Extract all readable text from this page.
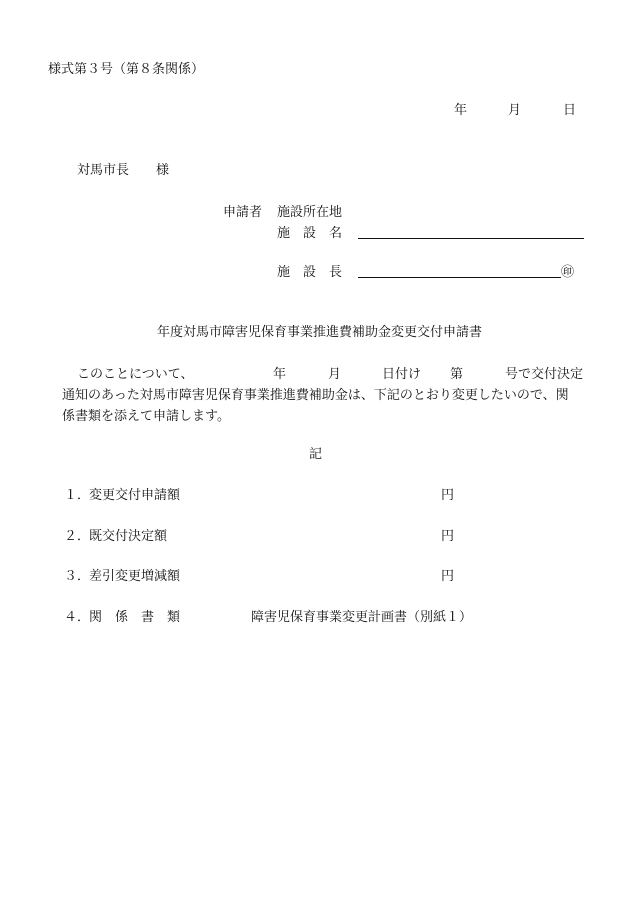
様式第３号（第８条関係）
年	月	日
対馬市長 様
申請者 施設所在地
施　設　名
施　設　長	㊞
年度対馬市障害児保育事業推進費補助金変更交付申請書
このことについて、	年	月	日付け 第	号で交付決定
通知のあった対馬市障害児保育事業推進費補助金は、下記のとおり変更したいので、関
係書類を添えて申請します。
記
１．
変更交付申請額	円
２．
既交付決定額	円
３．
差引変更増減額	円
４．
関　係　書　類	障害児保育事業変更計画書（別紙１）
